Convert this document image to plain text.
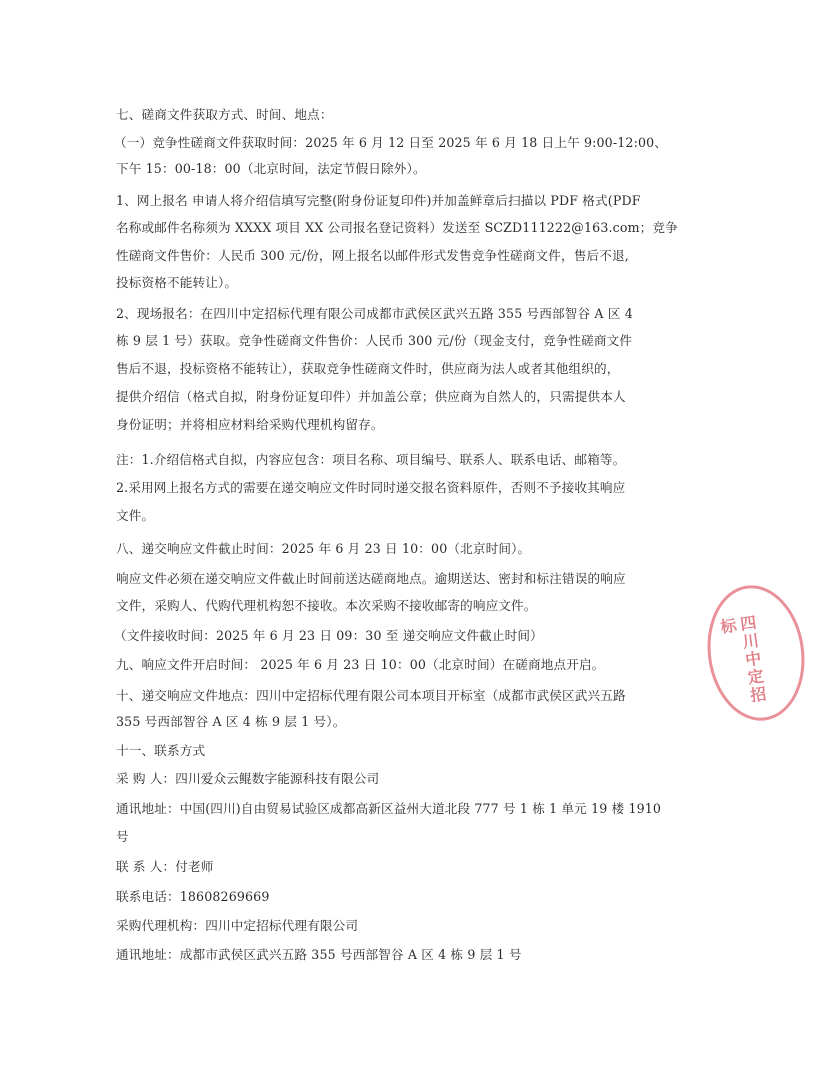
七、磋商文件获取方式、时间、地点：
（一）竞争性磋商文件获取时间：2025 年 6 月 12 日至 2025 年 6 月 18 日上午 9:00-12:00、
下午 15：00-18：00（北京时间，法定节假日除外）。
1、网上报名 申请人将介绍信填写完整(附身份证复印件)并加盖鲜章后扫描以 PDF 格式(PDF
名称或邮件名称须为 XXXX 项目 XX 公司报名登记资料）发送至 SCZD111222@163.com；竞争
性磋商文件售价：人民币 300 元/份，网上报名以邮件形式发售竞争性磋商文件，售后不退,
投标资格不能转让）。
2、现场报名：在四川中定招标代理有限公司成都市武侯区武兴五路 355 号西部智谷 A 区 4
栋 9 层 1 号）获取。竞争性磋商文件售价：人民币 300 元/份（现金支付，竞争性磋商文件
售后不退，投标资格不能转让），获取竞争性磋商文件时，供应商为法人或者其他组织的，
提供介绍信（格式自拟，附身份证复印件）并加盖公章；供应商为自然人的，只需提供本人
身份证明；并将相应材料给采购代理机构留存。
注：1.介绍信格式自拟，内容应包含：项目名称、项目编号、联系人、联系电话、邮箱等。
2.采用网上报名方式的需要在递交响应文件时同时递交报名资料原件，否则不予接收其响应
文件。
八、递交响应文件截止时间：2025 年 6 月 23 日 10：00（北京时间）。
响应文件必须在递交响应文件截止时间前送达磋商地点。逾期送达、密封和标注错误的响应
文件，采购人、代购代理机构恕不接收。本次采购不接收邮寄的响应文件。
（文件接收时间：2025 年 6 月 23 日 09：30 至 递交响应文件截止时间）
九、响应文件开启时间： 2025 年 6 月 23 日 10：00（北京时间）在磋商地点开启。
十、递交响应文件地点：四川中定招标代理有限公司本项目开标室（成都市武侯区武兴五路
355 号西部智谷 A 区 4 栋 9 层 1 号）。
十一、联系方式
采 购 人：四川爱众云鲲数字能源科技有限公司
通讯地址：中国(四川)自由贸易试验区成都高新区益州大道北段 777 号 1 栋 1 单元 19 楼 1910
号
联 系 人：付老师
联系电话：18608269669
采购代理机构：四川中定招标代理有限公司
通讯地址：成都市武侯区武兴五路 355 号西部智谷 A 区 4 栋 9 层 1 号
四川中定招标
